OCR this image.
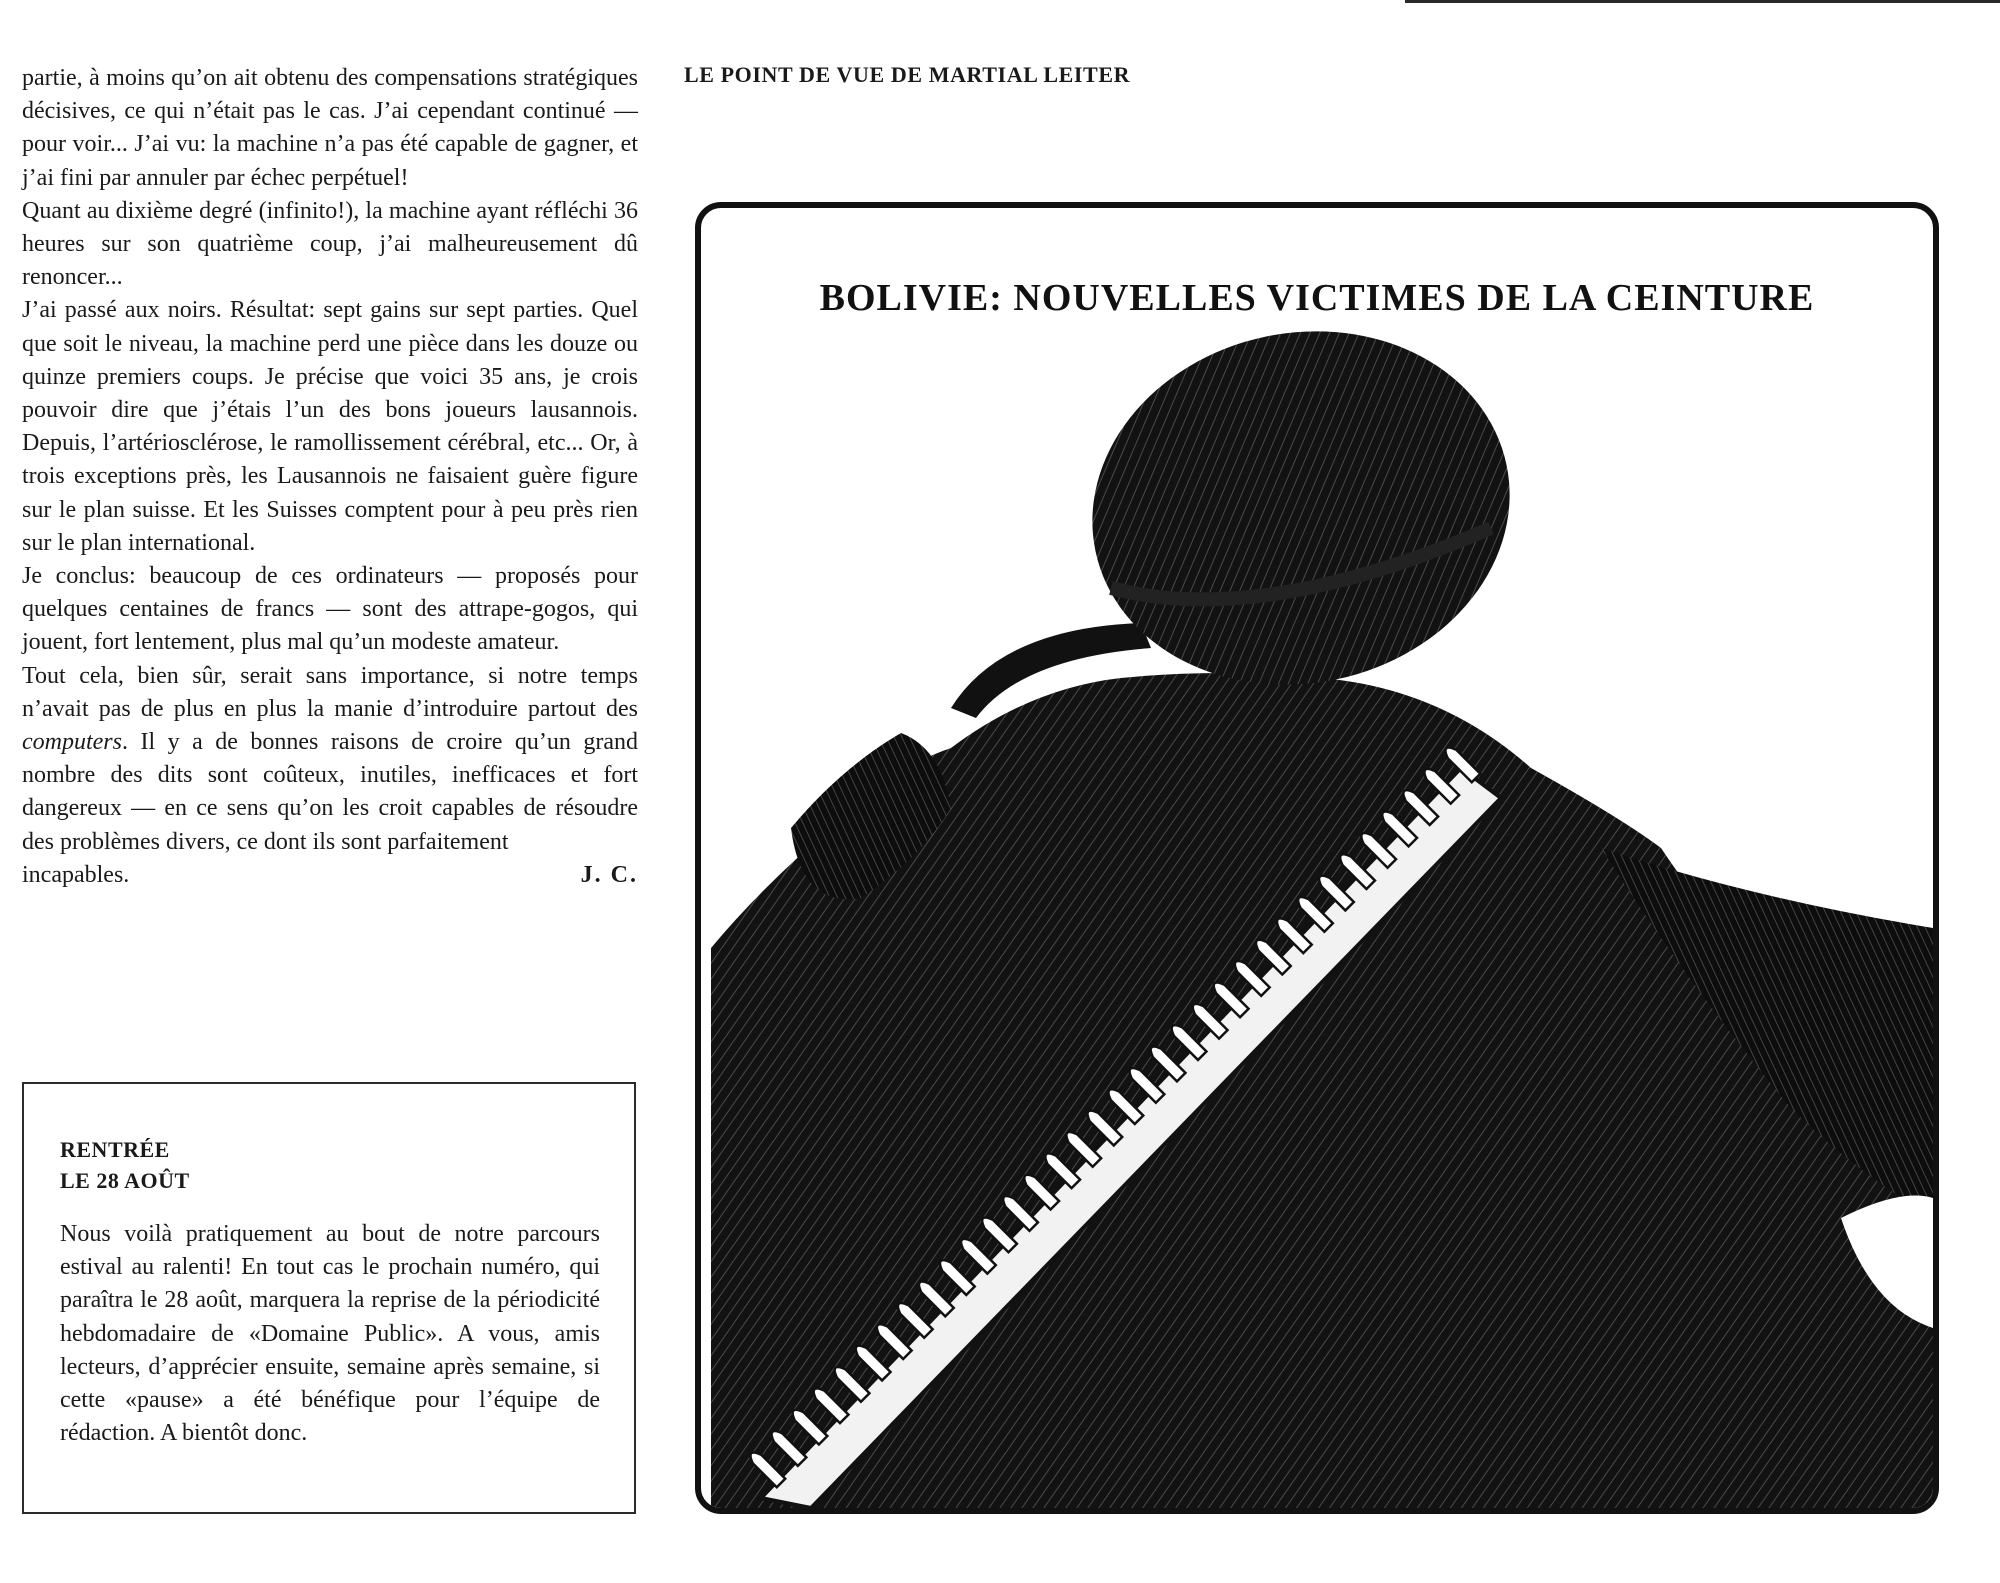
partie, à moins qu’on ait obtenu des compensations stratégiques décisives, ce qui n’était pas le cas. J’ai cependant continué — pour voir... J’ai vu: la machine n’a pas été capable de gagner, et j’ai fini par annuler par échec perpétuel!

Quant au dixième degré (infinito!), la machine ayant réfléchi 36 heures sur son quatrième coup, j’ai malheureusement dû renoncer...

J’ai passé aux noirs. Résultat: sept gains sur sept parties. Quel que soit le niveau, la machine perd une pièce dans les douze ou quinze premiers coups. Je précise que voici 35 ans, je crois pouvoir dire que j’étais l’un des bons joueurs lausannois. Depuis, l’artériosclérose, le ramollissement cérébral, etc... Or, à trois exceptions près, les Lausannois ne faisaient guère figure sur le plan suisse. Et les Suisses comptent pour à peu près rien sur le plan international.

Je conclus: beaucoup de ces ordinateurs — proposés pour quelques centaines de francs — sont des attrape-gogos, qui jouent, fort lentement, plus mal qu’un modeste amateur.

Tout cela, bien sûr, serait sans importance, si notre temps n’avait pas de plus en plus la manie d’introduire partout des computers. Il y a de bonnes raisons de croire qu’un grand nombre des dits sont coûteux, inutiles, inefficaces et fort dangereux — en ce sens qu’on les croit capables de résoudre des problèmes divers, ce dont ils sont parfaitement

incapables.	J. C.
RENTRÉE
LE 28 AOÛT
Nous voilà pratiquement au bout de notre parcours estival au ralenti! En tout cas le prochain numéro, qui paraîtra le 28 août, marquera la reprise de la périodicité hebdomadaire de «Domaine Public». A vous, amis lecteurs, d’apprécier ensuite, semaine après semaine, si cette «pause» a été bénéfique pour l’équipe de rédaction. A bientôt donc.
LE POINT DE VUE DE MARTIAL LEITER
BOLIVIE: NOUVELLES VICTIMES DE LA CEINTURE
